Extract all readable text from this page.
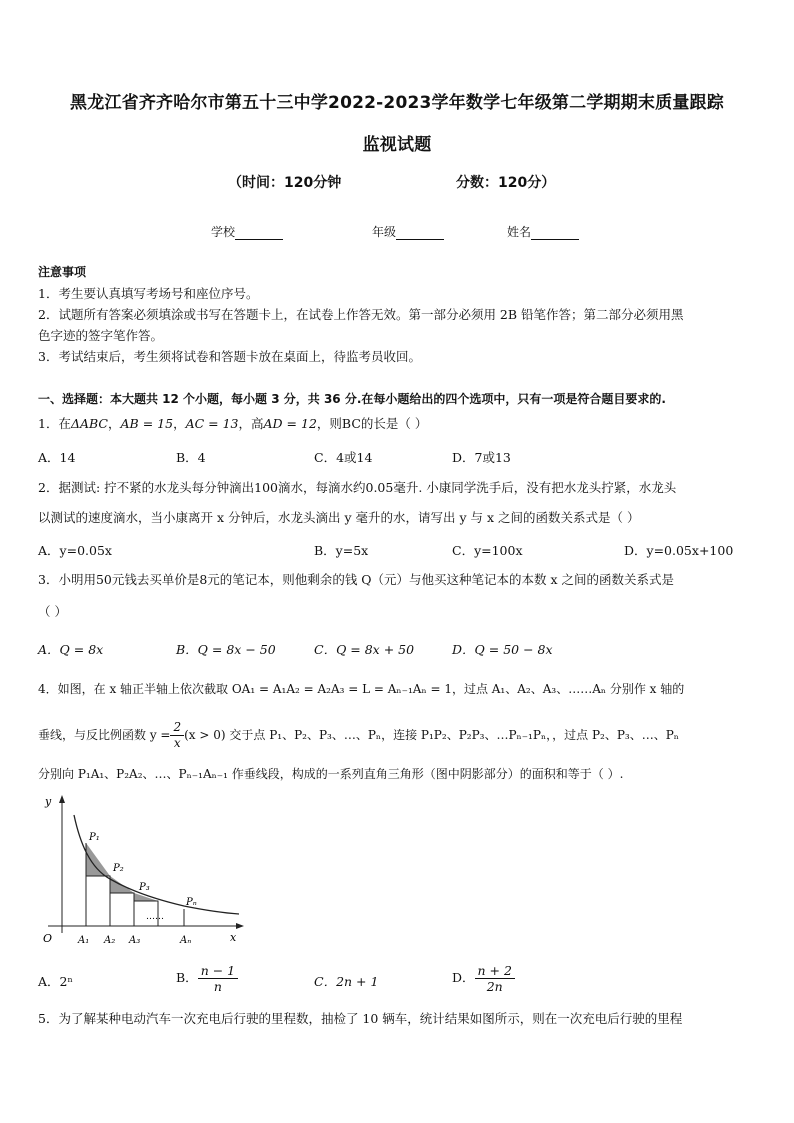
黑龙江省齐齐哈尔市第五十三中学2022-2023学年数学七年级第二学期期末质量跟踪
监视试题
（时间：120分钟	分数：120分）
学校	年级	姓名
注意事项
1．考生要认真填写考场号和座位序号。
2．试题所有答案必须填涂或书写在答题卡上，在试卷上作答无效。第一部分必须用 2B 铅笔作答；第二部分必须用黑
色字迹的签字笔作答。
3．考试结束后，考生须将试卷和答题卡放在桌面上，待监考员收回。
一、选择题：本大题共 12 个小题，每小题 3 分，共 36 分.在每小题给出的四个选项中，只有一项是符合题目要求的.
1．在ΔABC，AB = 15，AC = 13，高AD = 12，则BC的长是（ ）
A．14	B．4	C．4或14	D．7或13
2．据测试: 拧不紧的水龙头每分钟滴出100滴水，每滴水约0.05毫升. 小康同学洗手后，没有把水龙头拧紧，水龙头
以测试的速度滴水，当小康离开 x 分钟后，水龙头滴出 y 毫升的水，请写出 y 与 x 之间的函数关系式是（ ）
A．y=0.05x	B．y=5x	C．y=100x	D．y=0.05x+100
3．小明用50元钱去买单价是8元的笔记本，则他剩余的钱 Q（元）与他买这种笔记本的本数 x 之间的函数关系式是
（ ）
A．Q = 8x	B．Q = 8x − 50	C．Q = 8x + 50	D．Q = 50 − 8x
4．如图，在 x 轴正半轴上依次截取 OA₁ = A₁A₂ = A₂A₃ = L = Aₙ₋₁Aₙ = 1，过点 A₁、A₂、A₃、……Aₙ 分别作 x 轴的
垂线，与反比例函数 $y = \frac{2}{x} (x > 0)$ 交于点 P₁、P₂、P₃、…、Pₙ，连接 P₁P₂、P₂P₃、…Pₙ₋₁Pₙ，，过点 P₂、P₃、…、Pₙ
分别向 P₁A₁、P₂A₂、…、Pₙ₋₁Aₙ₋₁ 作垂线段，构成的一系列直角三角形（图中阴影部分）的面积和等于（ ）.
y
x
O
P₁
P₂
P₃
Pₙ
A₁ A₂ A₃	Aₙ
……
A．2ⁿ	B． $\frac{n - 1}{n}$	C．2n + 1	D． $\frac{n + 2}{2n}$
5．为了解某种电动汽车一次充电后行驶的里程数，抽检了 10 辆车，统计结果如图所示，则在一次充电后行驶的里程
